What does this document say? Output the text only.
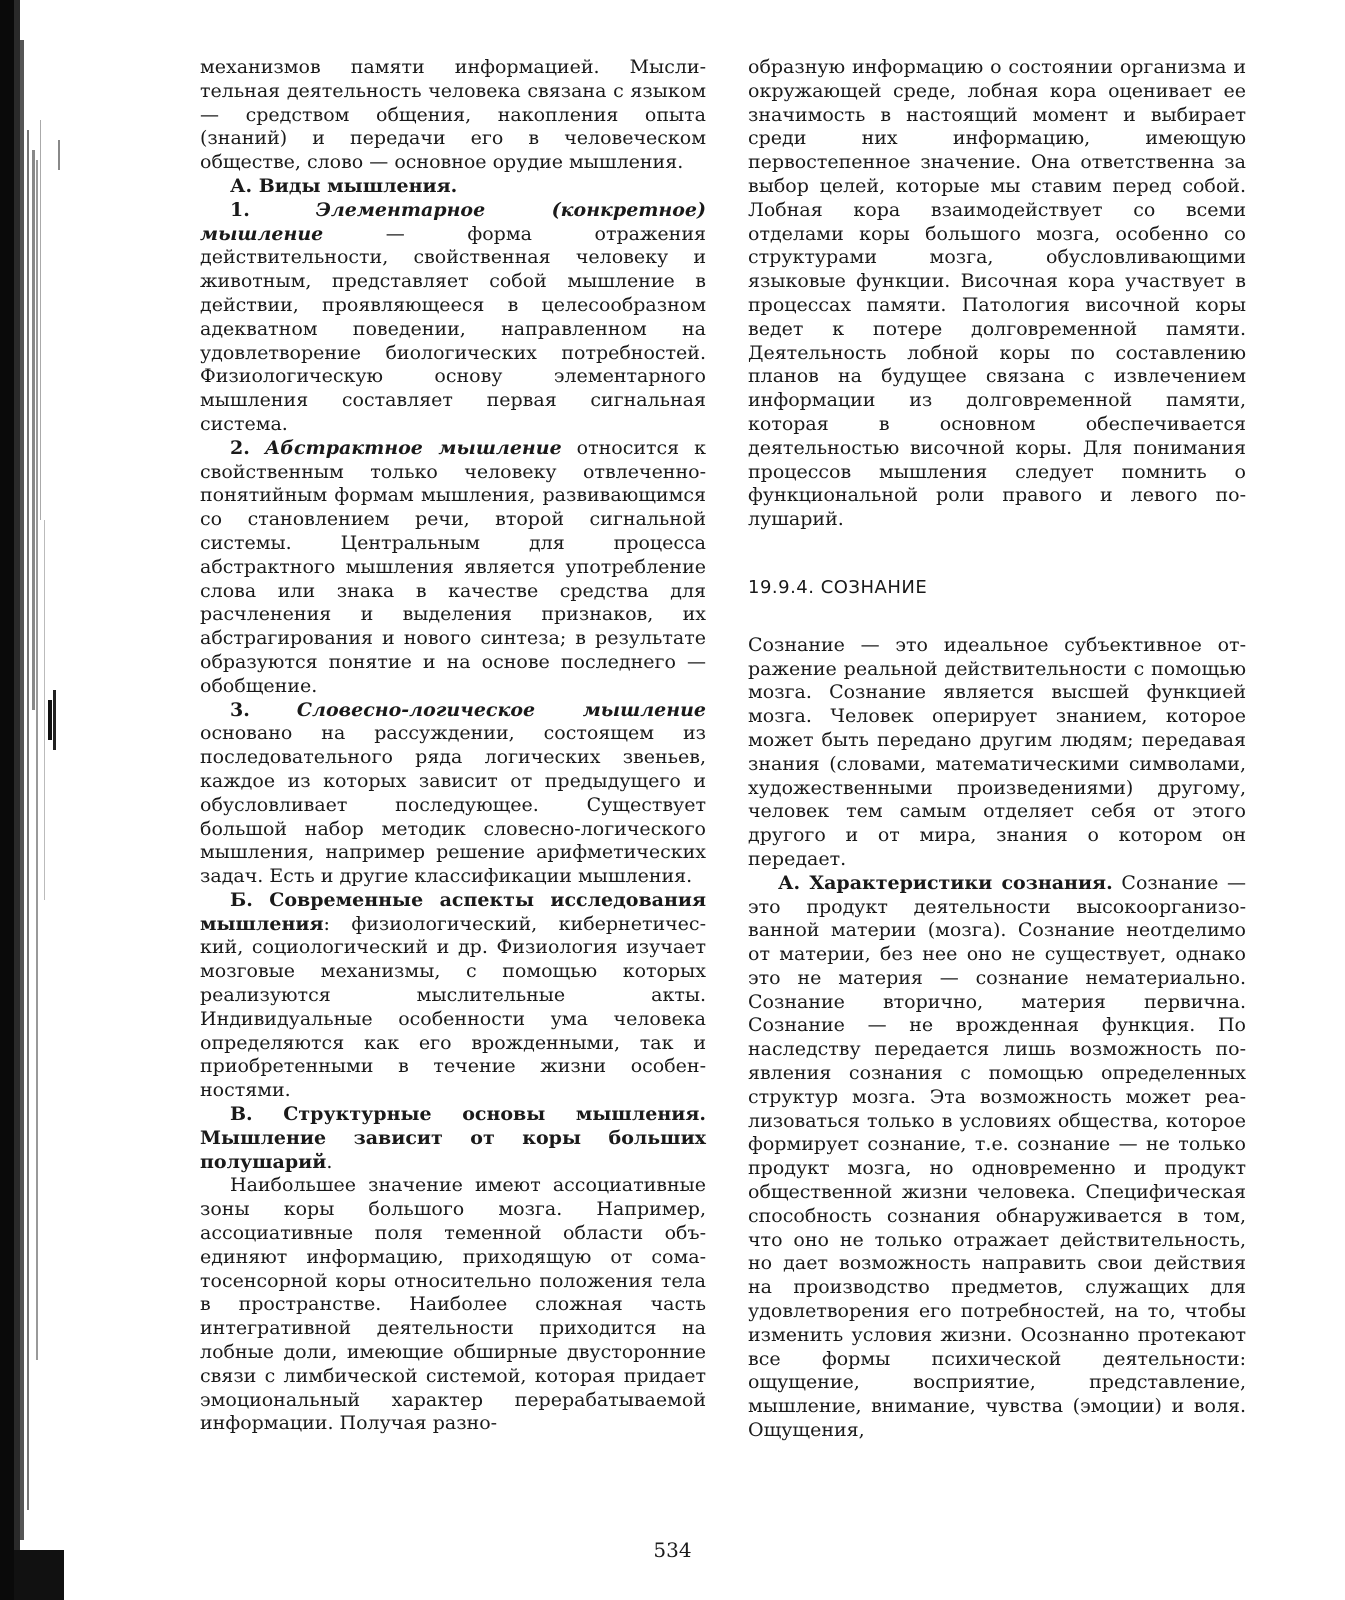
механизмов памяти информацией. Мыслительная деятельность человека связана с языком — средством общения, накопления опыта (знаний) и передачи его в человеческом обществе, слово — основное орудие мышления.

А. Виды мышления.

1.	Элементарное (конкретное) мышление — форма отражения действительности, свойственная человеку и животным, представляет собой мышление в действии, проявляющееся в целесообразном адекватном поведении, направленном на удовлетворение биологических потребностей. Физиологическую основу элементарного мышления составляет первая сигнальная система.

2. Абстрактное мышление относится к свойственным только человеку отвлеченно-понятийным формам мышления, развивающимся со становлением речи, второй сигнальной системы. Центральным для процесса абстрактного мышления является употребление слова или знака в качестве средства для расчленения и выделения признаков, их абстрагирования и нового синтеза; в результате образуются понятие и на основе последнего — обобщение.

3. Словесно-логическое мышление основано на рассуждении, состоящем из последовательного ряда логических звеньев, каждое из которых зависит от предыдущего и обусловливает последующее. Существует большой набор методик словесно-логического мышления, например решение арифметических задач. Есть и другие классификации мышления.

Б. Современные аспекты исследования мышления: физиологический, кибернетический, социологический и др. Физиология изучает мозговые механизмы, с помощью которых реализуются мыслительные акты. Индивидуальные особенности ума человека определяются как его врожденными, так и приобретенными в течение жизни особенностями.

В. Структурные основы мышления. Мышление зависит от коры больших полушарий.

Наибольшее значение имеют ассоциативные зоны коры большого мозга. Например, ассоциативные поля теменной области объединяют информацию, приходящую от соматосенсорной коры относительно положения тела в пространстве. Наиболее сложная часть интегративной деятельности приходится на лобные доли, имеющие обширные двусторонние связи с лимбической системой, которая придает эмоциональный характер перерабатываемой информации. Получая разно-

образную информацию о состоянии организма и окружающей среде, лобная кора оценивает ее значимость в настоящий момент и выбирает среди них информацию, имеющую первостепенное значение. Она ответственна за выбор целей, которые мы ставим перед собой. Лобная кора взаимодействует со всеми отделами коры большого мозга, особенно со структурами мозга, обусловливающими языковые функции. Височная кора участвует в процессах памяти. Патология височной коры ведет к потере долговременной памяти. Деятельность лобной коры по составлению планов на будущее связана с извлечением информации из долговременной памяти, которая в основном обеспечивается деятельностью височной коры. Для понимания процессов мышления следует помнить о функциональной роли правого и левого полушарий.

19.9.4. СОЗНАНИЕ

Сознание — это идеальное субъективное отражение реальной действительности с помощью мозга. Сознание является высшей функцией мозга. Человек оперирует знанием, которое может быть передано другим людям; передавая знания (словами, математическими символами, художественными произведениями) другому, человек тем самым отделяет себя от этого другого и от мира, знания о котором он передает.

А. Характеристики сознания. Сознание — это продукт деятельности высокоорганизованной материи (мозга). Сознание неотделимо от материи, без нее оно не существует, однако это не материя — сознание нематериально. Сознание вторично, материя первична. Сознание — не врожденная функция. По наследству передается лишь возможность появления сознания с помощью определенных структур мозга. Эта возможность может реализоваться только в условиях общества, которое формирует сознание, т.е. сознание — не только продукт мозга, но одновременно и продукт общественной жизни человека. Специфическая способность сознания обнаруживается в том, что оно не только отражает действительность, но дает возможность направить свои действия на производство предметов, служащих для удовлетворения его потребностей, на то, чтобы изменить условия жизни. Осознанно протекают все формы психической деятельности: ощущение, восприятие, представление, мышление, внимание, чувства (эмоции) и воля. Ощущения,

534
